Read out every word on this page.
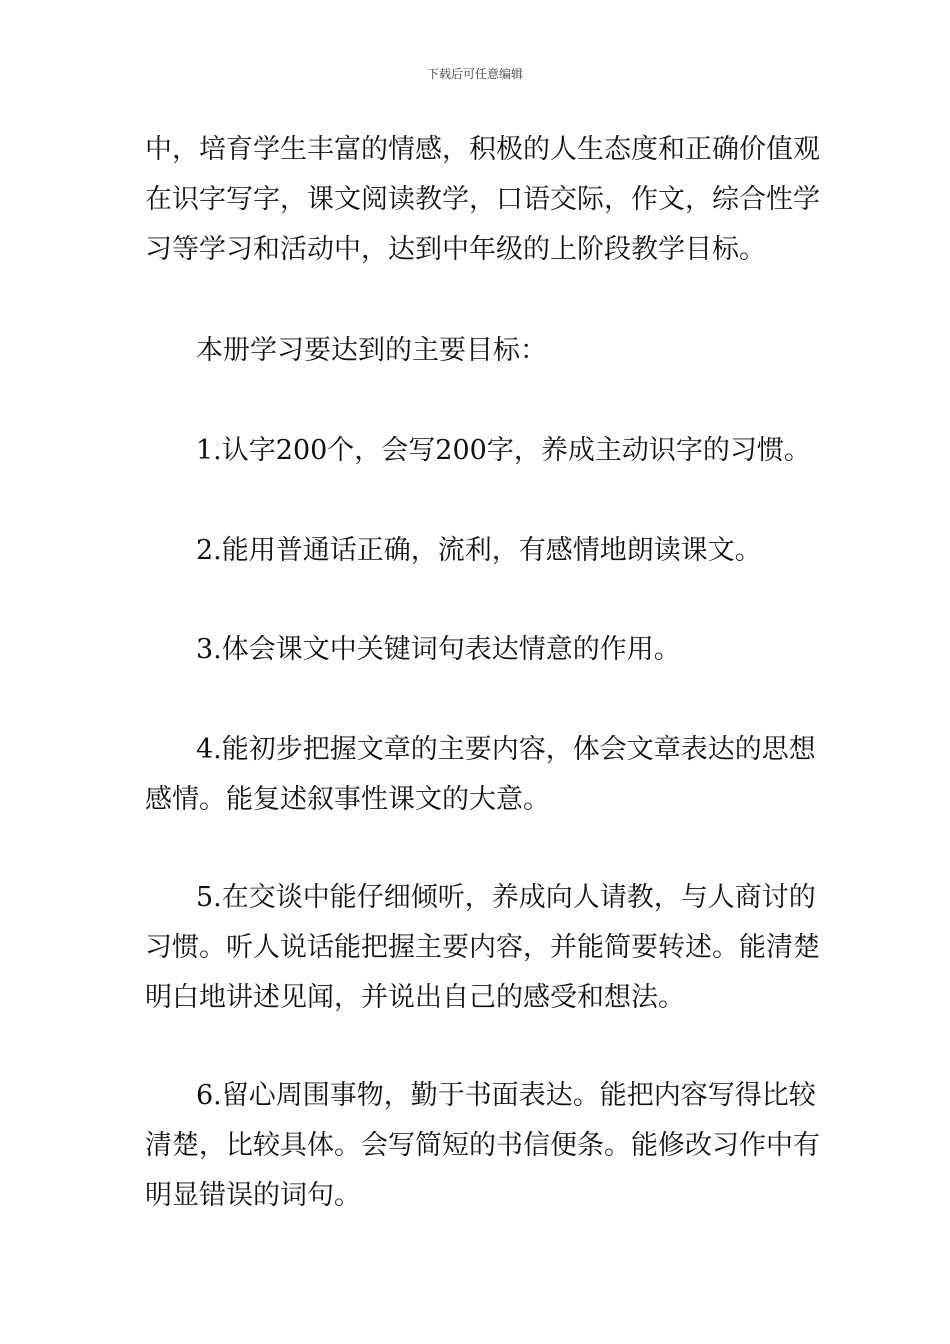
下载后可任意编辑
中，培育学生丰富的情感，积极的人生态度和正确价值观
在识字写字，课文阅读教学，口语交际，作文，综合性学
习等学习和活动中，达到中年级的上阶段教学目标。
本册学习要达到的主要目标：
1.认字200个，会写200字，养成主动识字的习惯。
2.能用普通话正确，流利，有感情地朗读课文。
3.体会课文中关键词句表达情意的作用。
4.能初步把握文章的主要内容，体会文章表达的思想
感情。能复述叙事性课文的大意。
5.在交谈中能仔细倾听，养成向人请教，与人商讨的
习惯。听人说话能把握主要内容，并能简要转述。能清楚
明白地讲述见闻，并说出自己的感受和想法。
6.留心周围事物，勤于书面表达。能把内容写得比较
清楚，比较具体。会写简短的书信便条。能修改习作中有
明显错误的词句。
